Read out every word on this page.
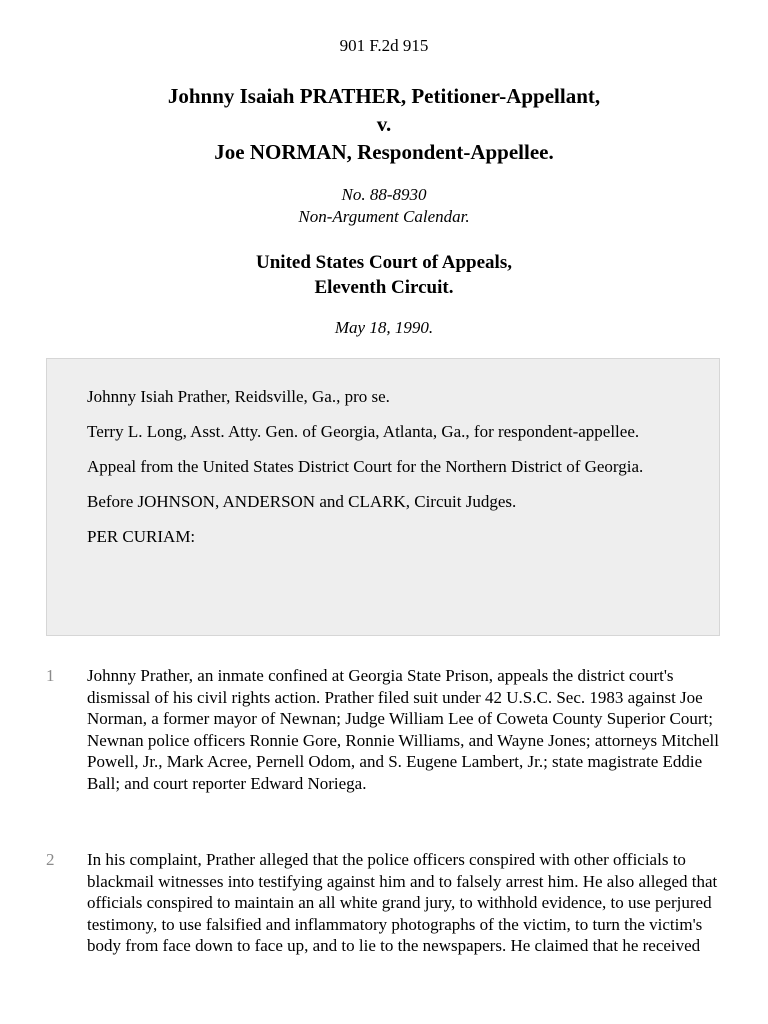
901 F.2d 915
Johnny Isaiah PRATHER, Petitioner-Appellant,
v.
Joe NORMAN, Respondent-Appellee.
No. 88-8930
Non-Argument Calendar.
United States Court of Appeals,
Eleventh Circuit.
May 18, 1990.

Johnny Isiah Prather, Reidsville, Ga., pro se.

Terry L. Long, Asst. Atty. Gen. of Georgia, Atlanta, Ga., for respondent-appellee.

Appeal from the United States District Court for the Northern District of Georgia.

Before JOHNSON, ANDERSON and CLARK, Circuit Judges.

PER CURIAM:

1 Johnny Prather, an inmate confined at Georgia State Prison, appeals the district court's dismissal of his civil rights action. Prather filed suit under 42 U.S.C. Sec. 1983 against Joe Norman, a former mayor of Newnan; Judge William Lee of Coweta County Superior Court; Newnan police officers Ronnie Gore, Ronnie Williams, and Wayne Jones; attorneys Mitchell Powell, Jr., Mark Acree, Pernell Odom, and S. Eugene Lambert, Jr.; state magistrate Eddie Ball; and court reporter Edward Noriega.
2 In his complaint, Prather alleged that the police officers conspired with other officials to blackmail witnesses into testifying against him and to falsely arrest him. He also alleged that officials conspired to maintain an all white grand jury, to withhold evidence, to use perjured testimony, to use falsified and inflammatory photographs of the victim, to turn the victim's body from face down to face up, and to lie to the newspapers. He claimed that he received
